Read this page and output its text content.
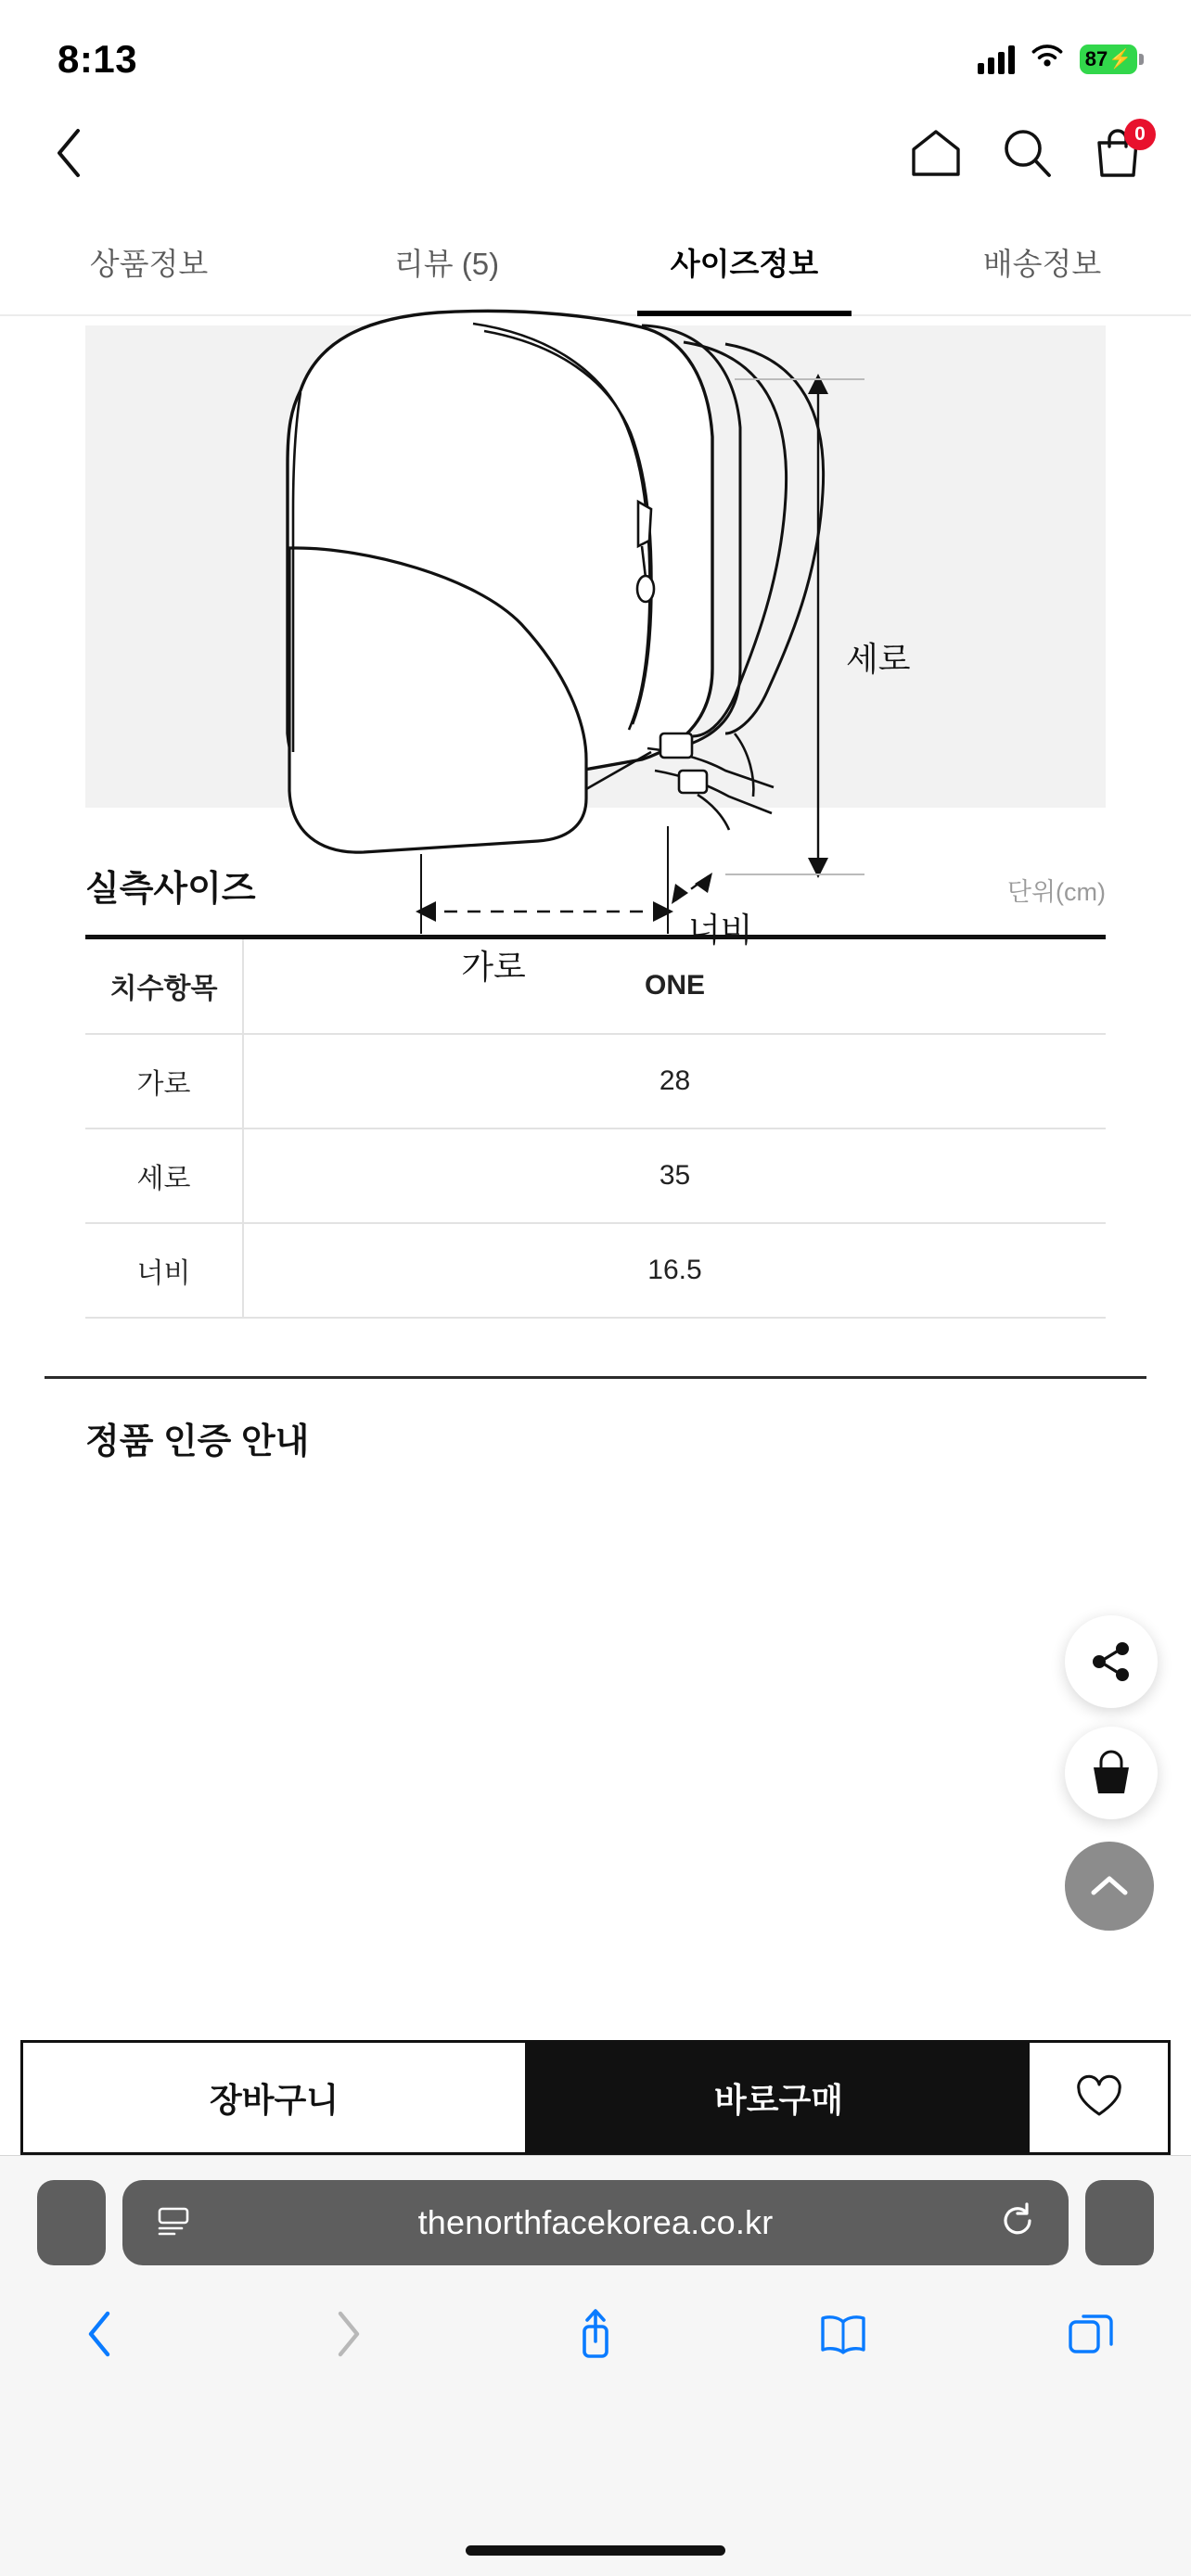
8:13	87 ⚡
0
상품정보	리뷰 (5)	사이즈정보	배송정보
세로
가로
너비
실측사이즈	단위(cm)
치수항목	ONE
가로	28
세로	35
너비	16.5
정품 인증 안내
장바구니	바로구매
thenorthfacekorea.co.kr
